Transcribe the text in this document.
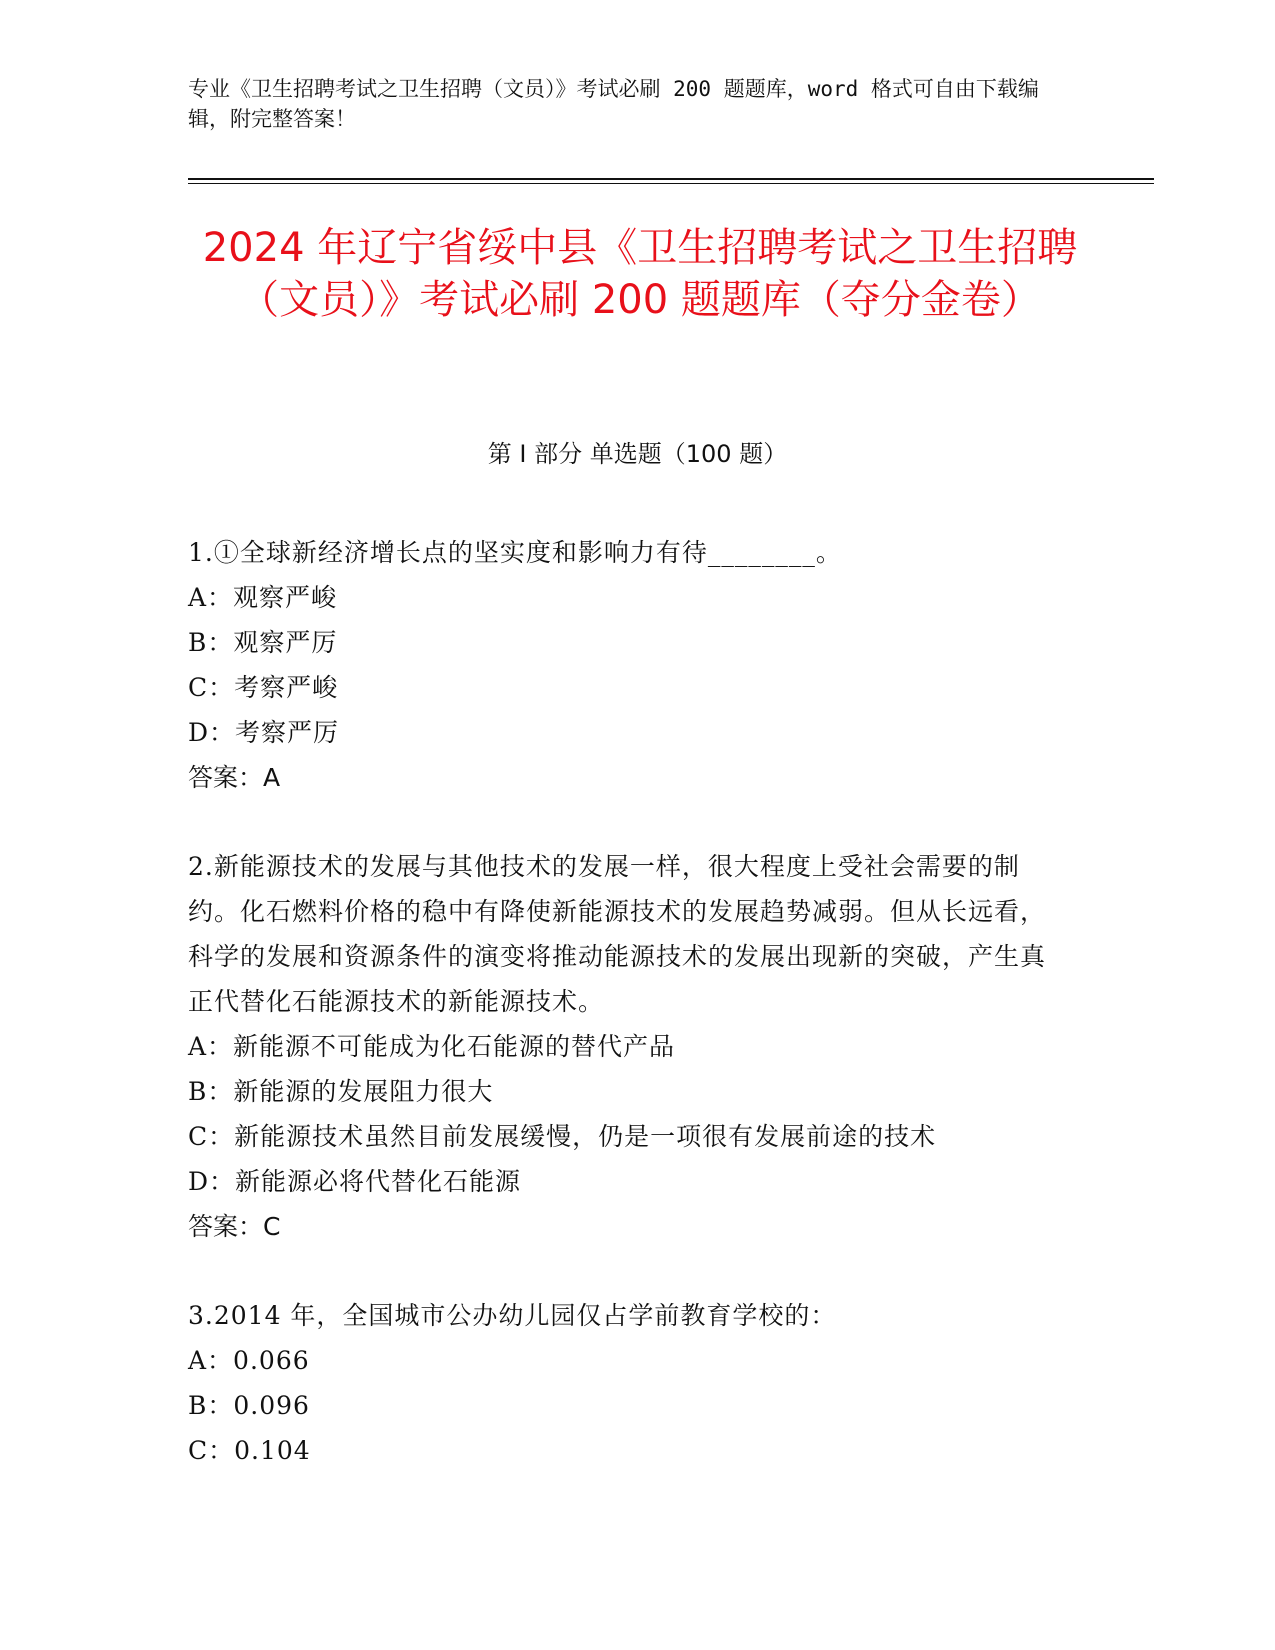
专业《卫生招聘考试之卫生招聘（文员）》考试必刷 200 题题库，word 格式可自由下载编辑，附完整答案！
2024 年辽宁省绥中县《卫生招聘考试之卫生招聘（文员）》考试必刷 200 题题库（夺分金卷）
第 I 部分 单选题（100 题）

1.①全球新经济增长点的坚实度和影响力有待________。

A：观察严峻

B：观察严厉

C：考察严峻

D：考察严厉

答案：A

2.新能源技术的发展与其他技术的发展一样，很大程度上受社会需要的制约。化石燃料价格的稳中有降使新能源技术的发展趋势减弱。但从长远看，科学的发展和资源条件的演变将推动能源技术的发展出现新的突破，产生真正代替化石能源技术的新能源技术。

A：新能源不可能成为化石能源的替代产品

B：新能源的发展阻力很大

C：新能源技术虽然目前发展缓慢，仍是一项很有发展前途的技术

D：新能源必将代替化石能源

答案：C

3.2014 年，全国城市公办幼儿园仅占学前教育学校的：

A：0.066

B：0.096

C：0.104
